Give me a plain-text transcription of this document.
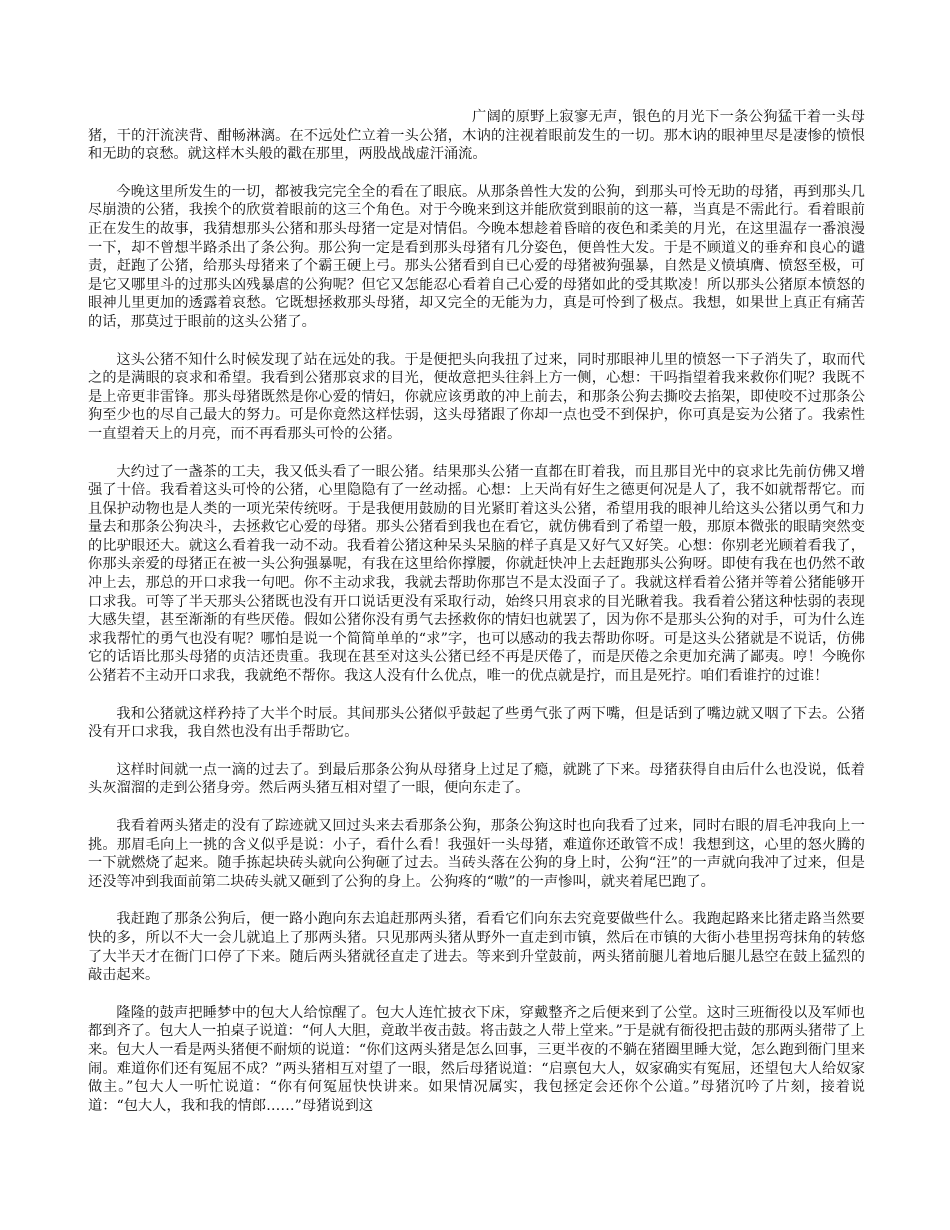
广阔的原野上寂寥无声，银色的月光下一条公狗猛干着一头母猪，干的汗流浃背、酣畅淋漓。在不远处伫立着一头公猪，木讷的注视着眼前发生的一切。那木讷的眼神里尽是凄惨的愤恨和无助的哀愁。就这样木头般的戳在那里，两股战战虚汗涌流。

今晚这里所发生的一切，都被我完完全全的看在了眼底。从那条兽性大发的公狗，到那头可怜无助的母猪，再到那头几尽崩溃的公猪，我挨个的欣赏着眼前的这三个角色。对于今晚来到这并能欣赏到眼前的这一幕，当真是不需此行。看着眼前正在发生的故事，我猜想那头公猪和那头母猪一定是对情侣。今晚本想趁着昏暗的夜色和柔美的月光，在这里温存一番浪漫一下，却不曾想半路杀出了条公狗。那公狗一定是看到那头母猪有几分姿色，便兽性大发。于是不顾道义的垂弃和良心的谴责，赶跑了公猪，给那头母猪来了个霸王硬上弓。那头公猪看到自已心爱的母猪被狗强暴，自然是义愤填膺、愤怒至极，可是它又哪里斗的过那头凶残暴虐的公狗呢？但它又怎能忍心看着自己心爱的母猪如此的受其欺凌！所以那头公猪原本愤怒的眼神儿里更加的透露着哀愁。它既想拯救那头母猪，却又完全的无能为力，真是可怜到了极点。我想，如果世上真正有痛苦的话，那莫过于眼前的这头公猪了。

这头公猪不知什么时候发现了站在远处的我。于是便把头向我扭了过来，同时那眼神儿里的愤怒一下子消失了，取而代之的是满眼的哀求和希望。我看到公猪那哀求的目光，便故意把头往斜上方一侧，心想：干吗指望着我来救你们呢？我既不是上帝更非雷锋。那头母猪既然是你心爱的情妇，你就应该勇敢的冲上前去，和那条公狗去撕咬去掐架，即使咬不过那条公狗至少也的尽自己最大的努力。可是你竟然这样怯弱，这头母猪跟了你却一点也受不到保护，你可真是妄为公猪了。我索性一直望着天上的月亮，而不再看那头可怜的公猪。

大约过了一盏茶的工夫，我又低头看了一眼公猪。结果那头公猪一直都在盯着我，而且那目光中的哀求比先前仿佛又增强了十倍。我看着这头可怜的公猪，心里隐隐有了一丝动摇。心想：上天尚有好生之德更何况是人了，我不如就帮帮它。而且保护动物也是人类的一项光荣传统呀。于是我便用鼓励的目光紧盯着这头公猪，希望用我的眼神儿给这头公猪以勇气和力量去和那条公狗决斗，去拯救它心爱的母猪。那头公猪看到我也在看它，就仿佛看到了希望一般，那原本微张的眼睛突然变的比驴眼还大。就这么看着我一动不动。我看着公猪这种呆头呆脑的样子真是又好气又好笑。心想：你别老光顾着看我了，你那头亲爱的母猪正在被一头公狗强暴呢，有我在这里给你撑腰，你就赶快冲上去赶跑那头公狗呀。即使有我在也仍然不敢冲上去，那总的开口求我一句吧。你不主动求我，我就去帮助你那岂不是太没面子了。我就这样看着公猪并等着公猪能够开口求我。可等了半天那头公猪既也没有开口说话更没有采取行动，始终只用哀求的目光瞅着我。我看着公猪这种怯弱的表现大感失望，甚至渐渐的有些厌倦。假如公猪你没有勇气去拯救你的情妇也就罢了，因为你不是那头公狗的对手，可为什么连求我帮忙的勇气也没有呢？哪怕是说一个简简单单的“求”字，也可以感动的我去帮助你呀。可是这头公猪就是不说话，仿佛它的话语比那头母猪的贞洁还贵重。我现在甚至对这头公猪已经不再是厌倦了，而是厌倦之余更加充满了鄙夷。哼！今晚你公猪若不主动开口求我，我就绝不帮你。我这人没有什么优点，唯一的优点就是拧，而且是死拧。咱们看谁拧的过谁！

我和公猪就这样矜持了大半个时辰。其间那头公猪似乎鼓起了些勇气张了两下嘴，但是话到了嘴边就又咽了下去。公猪没有开口求我，我自然也没有出手帮助它。

这样时间就一点一滴的过去了。到最后那条公狗从母猪身上过足了瘾，就跳了下来。母猪获得自由后什么也没说，低着头灰溜溜的走到公猪身旁。然后两头猪互相对望了一眼，便向东走了。

我看着两头猪走的没有了踪迹就又回过头来去看那条公狗，那条公狗这时也向我看了过来，同时右眼的眉毛冲我向上一挑。那眉毛向上一挑的含义似乎是说：小子，看什么看！我强奸一头母猪，难道你还敢管不成！我想到这，心里的怒火腾的一下就燃烧了起来。随手拣起块砖头就向公狗砸了过去。当砖头落在公狗的身上时，公狗“汪”的一声就向我冲了过来，但是还没等冲到我面前第二块砖头就又砸到了公狗的身上。公狗疼的“嗷”的一声惨叫，就夹着尾巴跑了。

我赶跑了那条公狗后，便一路小跑向东去追赶那两头猪，看看它们向东去究竟要做些什么。我跑起路来比猪走路当然要快的多，所以不大一会儿就追上了那两头猪。只见那两头猪从野外一直走到市镇，然后在市镇的大街小巷里拐弯抹角的转悠了大半天才在衙门口停了下来。随后两头猪就径直走了进去。等来到升堂鼓前，两头猪前腿儿着地后腿儿悬空在鼓上猛烈的敲击起来。

隆隆的鼓声把睡梦中的包大人给惊醒了。包大人连忙披衣下床，穿戴整齐之后便来到了公堂。这时三班衙役以及军师也都到齐了。包大人一拍桌子说道：“何人大胆，竟敢半夜击鼓。将击鼓之人带上堂来。”于是就有衙役把击鼓的那两头猪带了上来。包大人一看是两头猪便不耐烦的说道：“你们这两头猪是怎么回事，三更半夜的不躺在猪圈里睡大觉，怎么跑到衙门里来闹。难道你们还有冤屈不成？”两头猪相互对望了一眼，然后母猪说道：“启禀包大人，奴家确实有冤屈，还望包大人给奴家做主。”包大人一听忙说道：“你有何冤屈快快讲来。如果情况属实，我包拯定会还你个公道。”母猪沉吟了片刻，接着说道：“包大人，我和我的情郎……”母猪说到这
